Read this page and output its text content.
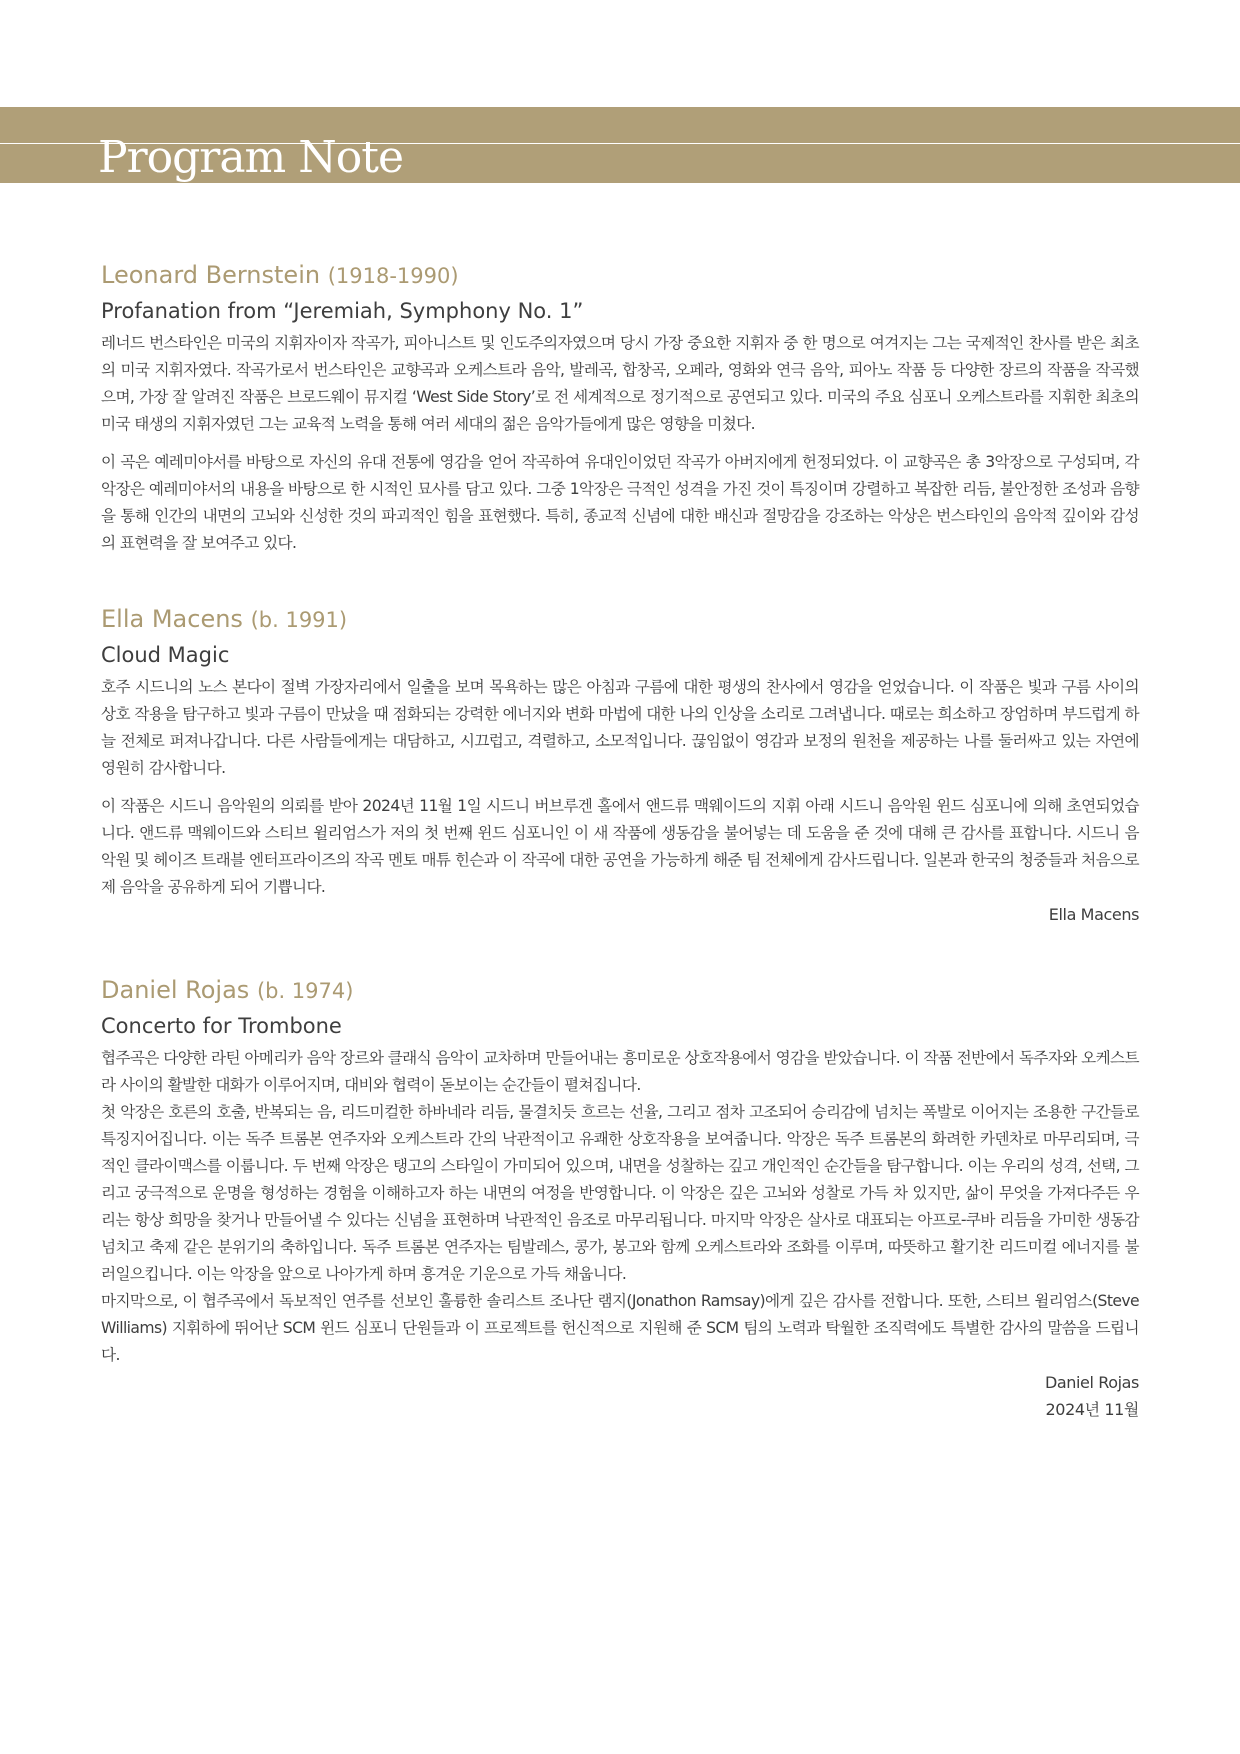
Program Note
Leonard Bernstein (1918-1990)
Profanation from “Jeremiah, Symphony No. 1”

레너드 번스타인은 미국의 지휘자이자 작곡가, 피아니스트 및 인도주의자였으며 당시 가장 중요한 지휘자 중 한 명으로 여겨지는 그는 국제적인 찬사를 받은 최초의 미국 지휘자였다. 작곡가로서 번스타인은 교향곡과 오케스트라 음악, 발레곡, 합창곡, 오페라, 영화와 연극 음악, 피아노 작품 등 다양한 장르의 작품을 작곡했으며, 가장 잘 알려진 작품은 브로드웨이 뮤지컬 ‘West Side Story’로 전 세계적으로 정기적으로 공연되고 있다. 미국의 주요 심포니 오케스트라를 지휘한 최초의 미국 태생의 지휘자였던 그는 교육적 노력을 통해 여러 세대의 젊은 음악가들에게 많은 영향을 미쳤다.

이 곡은 예레미야서를 바탕으로 자신의 유대 전통에 영감을 얻어 작곡하여 유대인이었던 작곡가 아버지에게 헌정되었다. 이 교향곡은 총 3악장으로 구성되며, 각 악장은 예레미야서의 내용을 바탕으로 한 시적인 묘사를 담고 있다. 그중 1악장은 극적인 성격을 가진 것이 특징이며 강렬하고 복잡한 리듬, 불안정한 조성과 음향을 통해 인간의 내면의 고뇌와 신성한 것의 파괴적인 힘을 표현했다. 특히, 종교적 신념에 대한 배신과 절망감을 강조하는 악상은 번스타인의 음악적 깊이와 감성의 표현력을 잘 보여주고 있다.

Ella Macens (b. 1991)
Cloud Magic

호주 시드니의 노스 본다이 절벽 가장자리에서 일출을 보며 목욕하는 많은 아침과 구름에 대한 평생의 찬사에서 영감을 얻었습니다. 이 작품은 빛과 구름 사이의 상호 작용을 탐구하고 빛과 구름이 만났을 때 점화되는 강력한 에너지와 변화 마법에 대한 나의 인상을 소리로 그려냅니다. 때로는 희소하고 장엄하며 부드럽게 하늘 전체로 퍼져나갑니다. 다른 사람들에게는 대담하고, 시끄럽고, 격렬하고, 소모적입니다. 끊임없이 영감과 보정의 원천을 제공하는 나를 둘러싸고 있는 자연에 영원히 감사합니다.

이 작품은 시드니 음악원의 의뢰를 받아 2024년 11월 1일 시드니 버브루겐 홀에서 앤드류 맥웨이드의 지휘 아래 시드니 음악원 윈드 심포니에 의해 초연되었습니다. 앤드류 맥웨이드와 스티브 윌리엄스가 저의 첫 번째 윈드 심포니인 이 새 작품에 생동감을 불어넣는 데 도움을 준 것에 대해 큰 감사를 표합니다. 시드니 음악원 및 헤이즈 트래블 엔터프라이즈의 작곡 멘토 매튜 힌슨과 이 작곡에 대한 공연을 가능하게 해준 팀 전체에게 감사드립니다. 일본과 한국의 청중들과 처음으로 제 음악을 공유하게 되어 기쁩니다.

Ella Macens

Daniel Rojas (b. 1974)
Concerto for Trombone

협주곡은 다양한 라틴 아메리카 음악 장르와 클래식 음악이 교차하며 만들어내는 흥미로운 상호작용에서 영감을 받았습니다. 이 작품 전반에서 독주자와 오케스트라 사이의 활발한 대화가 이루어지며, 대비와 협력이 돋보이는 순간들이 펼쳐집니다.

첫 악장은 호른의 호출, 반복되는 음, 리드미컬한 하바네라 리듬, 물결치듯 흐르는 선율, 그리고 점차 고조되어 승리감에 넘치는 폭발로 이어지는 조용한 구간들로 특징지어집니다. 이는 독주 트롬본 연주자와 오케스트라 간의 낙관적이고 유쾌한 상호작용을 보여줍니다. 악장은 독주 트롬본의 화려한 카덴차로 마무리되며, 극적인 클라이맥스를 이룹니다. 두 번째 악장은 탱고의 스타일이 가미되어 있으며, 내면을 성찰하는 깊고 개인적인 순간들을 탐구합니다. 이는 우리의 성격, 선택, 그리고 궁극적으로 운명을 형성하는 경험을 이해하고자 하는 내면의 여정을 반영합니다. 이 악장은 깊은 고뇌와 성찰로 가득 차 있지만, 삶이 무엇을 가져다주든 우리는 항상 희망을 찾거나 만들어낼 수 있다는 신념을 표현하며 낙관적인 음조로 마무리됩니다. 마지막 악장은 살사로 대표되는 아프로-쿠바 리듬을 가미한 생동감 넘치고 축제 같은 분위기의 축하입니다. 독주 트롬본 연주자는 팀발레스, 콩가, 봉고와 함께 오케스트라와 조화를 이루며, 따뜻하고 활기찬 리드미컬 에너지를 불러일으킵니다. 이는 악장을 앞으로 나아가게 하며 흥겨운 기운으로 가득 채웁니다.

마지막으로, 이 협주곡에서 독보적인 연주를 선보인 훌륭한 솔리스트 조나단 램지(Jonathon Ramsay)에게 깊은 감사를 전합니다. 또한, 스티브 윌리엄스(Steve Williams) 지휘하에 뛰어난 SCM 윈드 심포니 단원들과 이 프로젝트를 헌신적으로 지원해 준 SCM 팀의 노력과 탁월한 조직력에도 특별한 감사의 말씀을 드립니다.

Daniel Rojas

2024년 11월
